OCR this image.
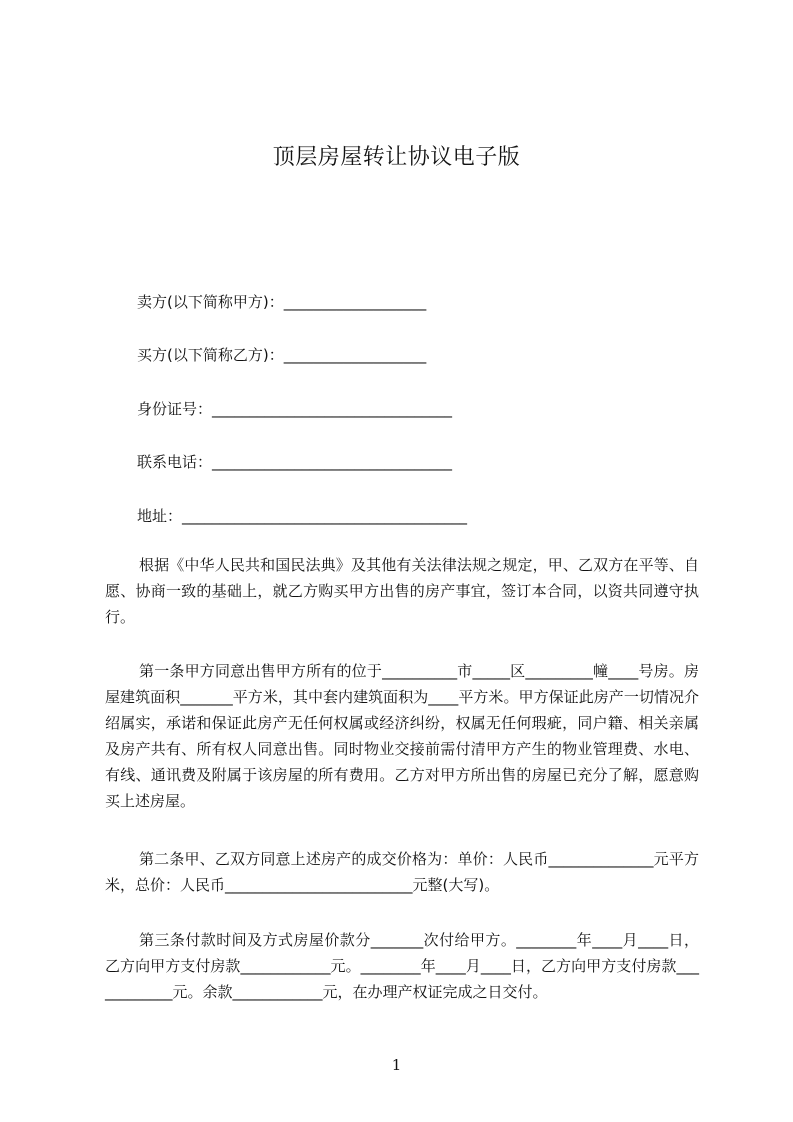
顶层房屋转让协议电子版
卖方(以下简称甲方)：___________________
买方(以下简称乙方)：___________________
身份证号：________________________________
联系电话：________________________________
地址：______________________________________

根据《中华人民共和国民法典》及其他有关法律法规之规定，甲、乙双方在平等、自愿、协商一致的基础上，就乙方购买甲方出售的房产事宜，签订本合同，以资共同遵守执行。

第一条甲方同意出售甲方所有的位于__________市_____区_________幢____号房。房屋建筑面积_______平方米，其中套内建筑面积为____平方米。甲方保证此房产一切情况介绍属实，承诺和保证此房产无任何权属或经济纠纷，权属无任何瑕疵，同户籍、相关亲属及房产共有、所有权人同意出售。同时物业交接前需付清甲方产生的物业管理费、水电、有线、通讯费及附属于该房屋的所有费用。乙方对甲方所出售的房屋已充分了解，愿意购买上述房屋。

第二条甲、乙双方同意上述房产的成交价格为：单价：人民币______________元平方米，总价：人民币_________________________元整(大写)。

第三条付款时间及方式房屋价款分_______次付给甲方。________年____月____日，乙方向甲方支付房款____________元。________年____月____日，乙方向甲方支付房款____________元。余款____________元，在办理产权证完成之日交付。

1
